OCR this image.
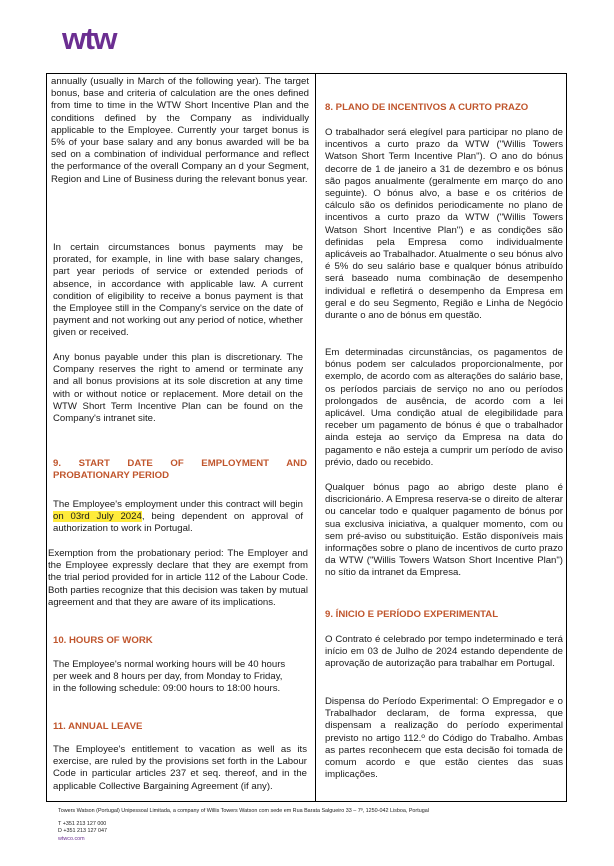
wtw

annually (usually in March of the following year). The target bonus, base and criteria of calculation are the ones defined from time to time in the WTW Short Incentive Plan and the conditions defined by the Company as individually applicable to the Employee. Currently your target bonus is 5% of your base salary and any bonus awarded will be ba sed on a combination of individual performance and reflect the performance of the overall Company an d your Segment, Region and Line of Business during the relevant bonus year.

In certain circumstances bonus payments may be prorated, for example, in line with base salary changes, part year periods of service or extended periods of absence, in accordance with applicable law. A current condition of eligibility to receive a bonus payment is that the Employee still in the Company's service on the date of payment and not working out any period of notice, whether given or received.

Any bonus payable under this plan is discretionary. The Company reserves the right to amend or terminate any and all bonus provisions at its sole discretion at any time with or without notice or replacement. More detail on the WTW Short Term Incentive Plan can be found on the Company's intranet site.

9. START DATE OF EMPLOYMENT AND PROBATIONARY PERIOD

The Employee's employment under this contract will begin on 03rd July 2024, being dependent on approval of authorization to work in Portugal.

Exemption from the probationary period: The Employer and the Employee expressly declare that they are exempt from the trial period provided for in article 112 of the Labour Code. Both parties recognize that this decision was taken by mutual agreement and that they are aware of its implications.

10. HOURS OF WORK

The Employee's normal working hours will be 40 hours per week and 8 hours per day, from Monday to Friday, in the following schedule: 09:00 hours to 18:00 hours.

11. ANNUAL LEAVE

The Employee's entitlement to vacation as well as its exercise, are ruled by the provisions set forth in the Labour Code in particular articles 237 et seq. thereof, and in the applicable Collective Bargaining Agreement (if any).

8. PLANO DE INCENTIVOS A CURTO PRAZO

O trabalhador será elegível para participar no plano de incentivos a curto prazo da WTW ("Willis Towers Watson Short Term Incentive Plan"). O ano do bónus decorre de 1 de janeiro a 31 de dezembro e os bónus são pagos anualmente (geralmente em março do ano seguinte). O bónus alvo, a base e os critérios de cálculo são os definidos periodicamente no plano de incentivos a curto prazo da WTW ("Willis Towers Watson Short Incentive Plan") e as condições são definidas pela Empresa como individualmente aplicáveis ao Trabalhador. Atualmente o seu bónus alvo é 5% do seu salário base e qualquer bónus atribuído será baseado numa combinação de desempenho individual e refletirá o desempenho da Empresa em geral e do seu Segmento, Região e Linha de Negócio durante o ano de bónus em questão.

Em determinadas circunstâncias, os pagamentos de bónus podem ser calculados proporcionalmente, por exemplo, de acordo com as alterações do salário base, os períodos parciais de serviço no ano ou períodos prolongados de ausência, de acordo com a lei aplicável. Uma condição atual de elegibilidade para receber um pagamento de bónus é que o trabalhador ainda esteja ao serviço da Empresa na data do pagamento e não esteja a cumprir um período de aviso prévio, dado ou recebido.

Qualquer bónus pago ao abrigo deste plano é discricionário. A Empresa reserva-se o direito de alterar ou cancelar todo e qualquer pagamento de bónus por sua exclusiva iniciativa, a qualquer momento, com ou sem pré-aviso ou substituição. Estão disponíveis mais informações sobre o plano de incentivos de curto prazo da WTW ("Willis Towers Watson Short Incentive Plan") no sítio da intranet da Empresa.

9. ÍNICIO E PERÍODO EXPERIMENTAL

O Contrato é celebrado por tempo indeterminado e terá início em 03 de Julho de 2024 estando dependente de aprovação de autorização para trabalhar em Portugal.

Dispensa do Período Experimental: O Empregador e o Trabalhador declaram, de forma expressa, que dispensam a realização do período experimental previsto no artigo 112.º do Código do Trabalho. Ambas as partes reconhecem que esta decisão foi tomada de comum acordo e que estão cientes das suas implicações.

Towers Watson (Portugal) Unipessoal Limitada, a company of Willis Towers Watson com sede em Rua Barata Salgueiro 33 – 7º, 1250-042 Lisboa, Portugal
T +351 213 127 000
D +351 213 127 047
wtwco.com
